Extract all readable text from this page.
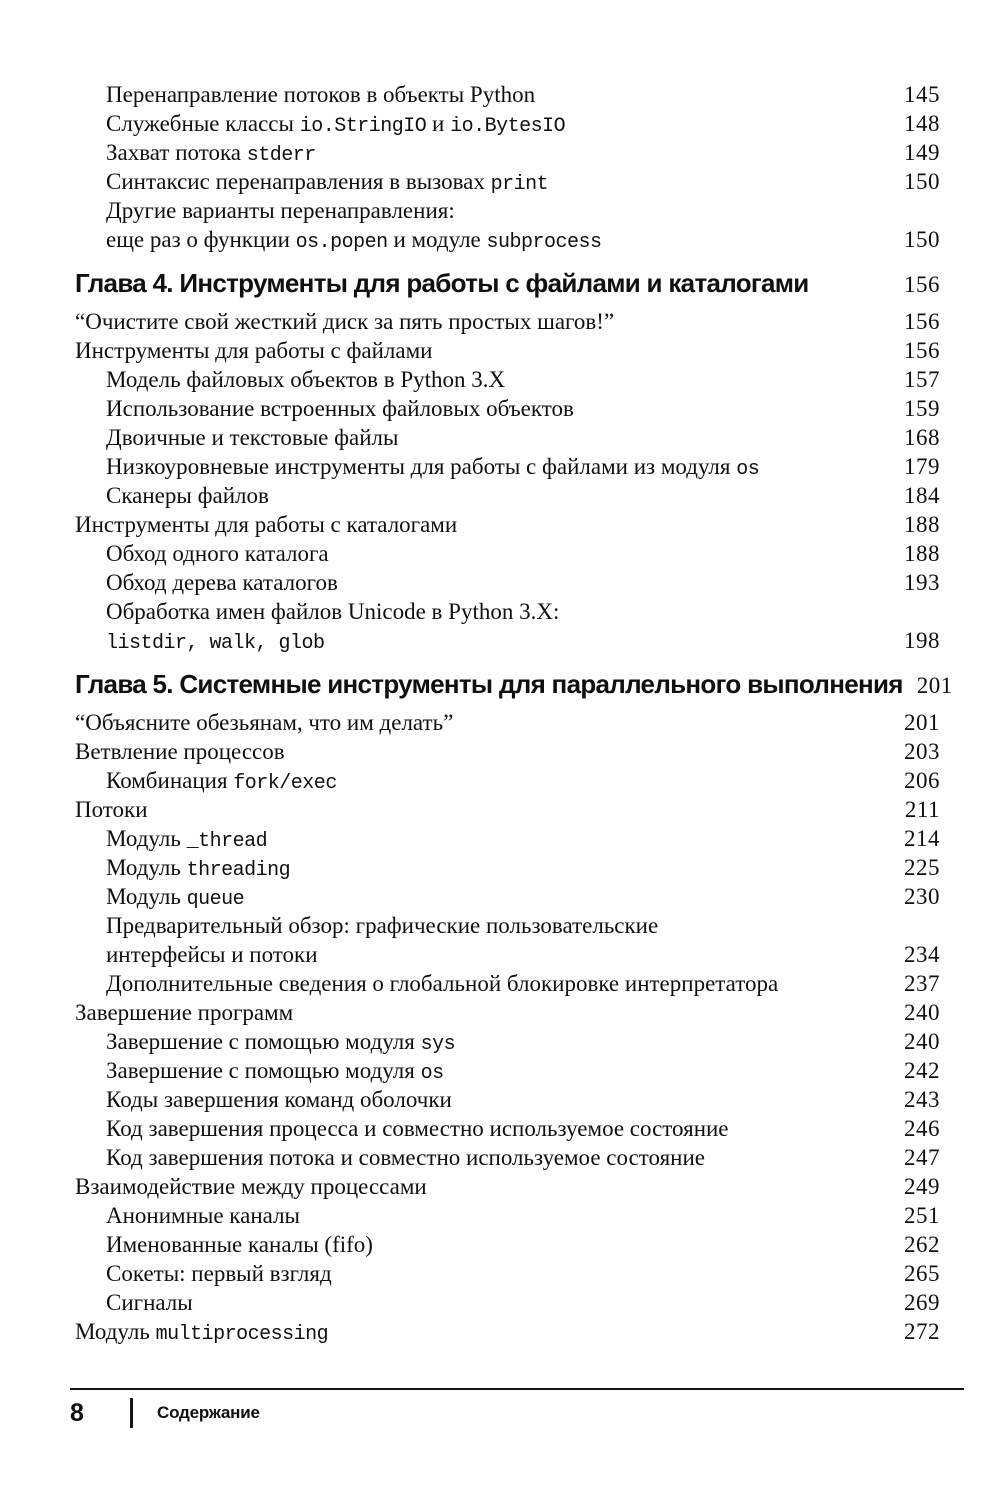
Перенаправление потоков в объекты Python	145
Служебные классы io.StringIO и io.BytesIO	148
Захват потока stderr	149
Синтаксис перенаправления в вызовах print	150
Другие варианты перенаправления:
еще раз о функции os.popen и модуле subprocess	150
Глава 4. Инструменты для работы с файлами и каталогами	156
“Очистите свой жесткий диск за пять простых шагов!”	156
Инструменты для работы с файлами	156
Модель файловых объектов в Python 3.X	157
Использование встроенных файловых объектов	159
Двоичные и текстовые файлы	168
Низкоуровневые инструменты для работы с файлами из модуля os	179
Сканеры файлов	184
Инструменты для работы с каталогами	188
Обход одного каталога	188
Обход дерева каталогов	193
Обработка имен файлов Unicode в Python 3.X:
listdir, walk, glob	198
Глава 5. Системные инструменты для параллельного выполнения 201
“Объясните обезьянам, что им делать”	201
Ветвление процессов	203
Комбинация fork/exec	206
Потоки	211
Модуль _thread	214
Модуль threading	225
Модуль queue	230
Предварительный обзор: графические пользовательские
интерфейсы и потоки	234
Дополнительные сведения о глобальной блокировке интерпретатора	237
Завершение программ	240
Завершение с помощью модуля sys	240
Завершение с помощью модуля os	242
Коды завершения команд оболочки	243
Код завершения процесса и совместно используемое состояние	246
Код завершения потока и совместно используемое состояние	247
Взаимодействие между процессами	249
Анонимные каналы	251
Именованные каналы (fifo)	262
Сокеты: первый взгляд	265
Сигналы	269
Модуль multiprocessing	272
8	Содержание
